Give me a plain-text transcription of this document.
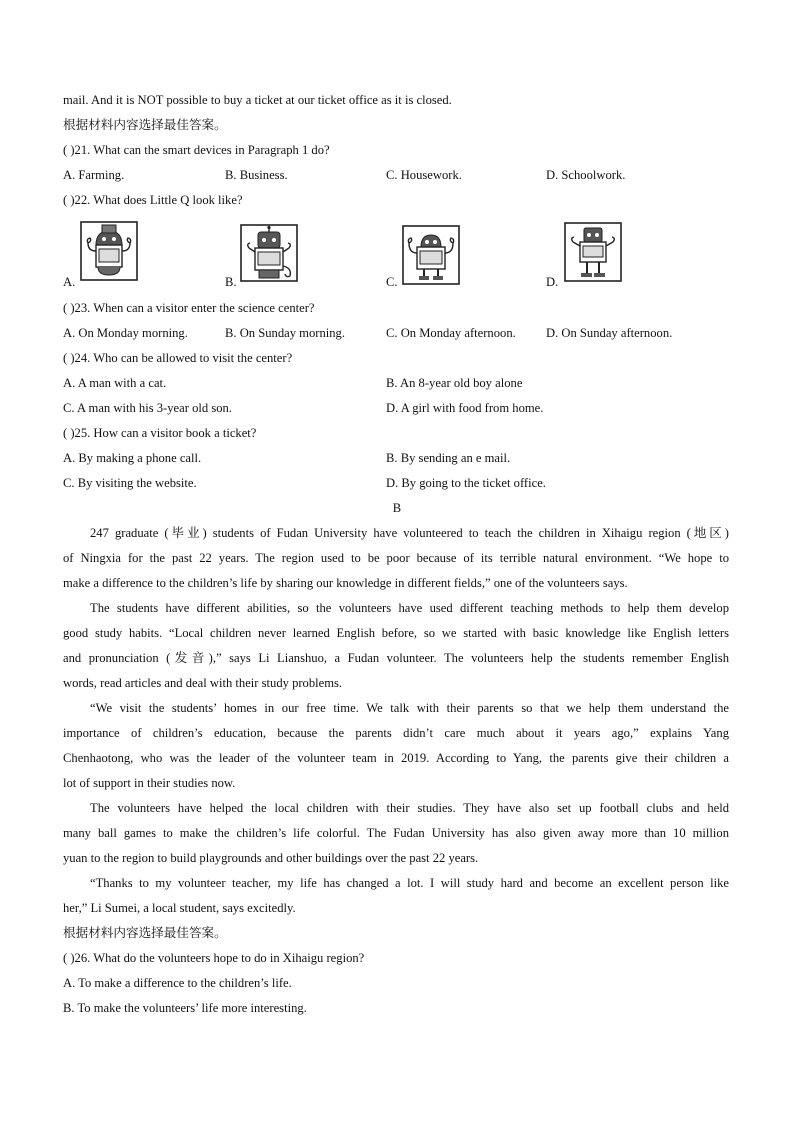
mail. And it is NOT possible to buy a ticket at our ticket office as it is closed.
根据材料内容选择最佳答案。
( )21. What can the smart devices in Paragraph 1 do?
A. Farming.	B. Business.	C. Housework.	D. Schoolwork.
( )22. What does Little Q look like?
A.	B.	C.	D.
( )23. When can a visitor enter the science center?
A. On Monday morning.	B. On Sunday morning.	C. On Monday afternoon. D. On Sunday afternoon.
( )24. Who can be allowed to visit the center?
A. A man with a cat.	B. An 8-year old boy alone
C. A man with his 3-year old son.	D. A girl with food from home.
( )25. How can a visitor book a ticket?
A. By making a phone call.	B. By sending an e mail.
C. By visiting the website.	D. By going to the ticket office.
B
247 graduate (毕业) students of Fudan University have volunteered to teach the children in Xihaigu region (地区)
of Ningxia for the past 22 years. The region used to be poor because of its terrible natural environment. “We hope to
make a difference to the children’s life by sharing our knowledge in different fields,” one of the volunteers says.
The students have different abilities, so the volunteers have used different teaching methods to help them develop
good study habits. “Local children never learned English before, so we started with basic knowledge like English letters
and pronunciation (发音),” says Li Lianshuo, a Fudan volunteer. The volunteers help the students remember English
words, read articles and deal with their study problems.
“We visit the students’ homes in our free time. We talk with their parents so that we help them understand the
importance of children’s education, because the parents didn’t care much about it years ago,” explains Yang
Chenhaotong, who was the leader of the volunteer team in 2019. According to Yang, the parents give their children a
lot of support in their studies now.
The volunteers have helped the local children with their studies. They have also set up football clubs and held
many ball games to make the children’s life colorful. The Fudan University has also given away more than 10 million
yuan to the region to build playgrounds and other buildings over the past 22 years.
“Thanks to my volunteer teacher, my life has changed a lot. I will study hard and become an excellent person like
her,” Li Sumei, a local student, says excitedly.
根据材料内容选择最佳答案。
( )26. What do the volunteers hope to do in Xihaigu region?
A. To make a difference to the children’s life.
B. To make the volunteers’ life more interesting.
